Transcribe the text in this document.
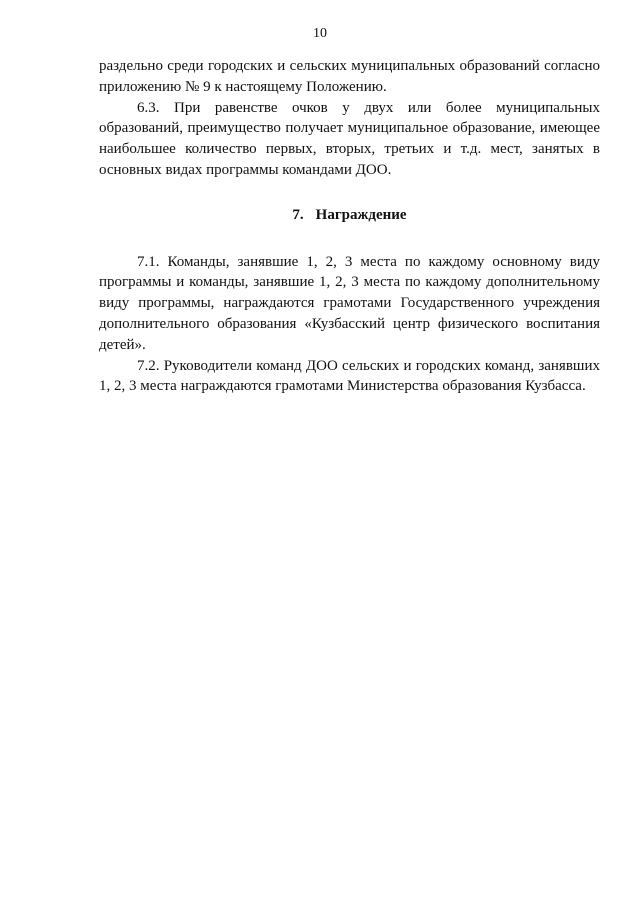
10

раздельно среди городских и сельских муниципальных образований согласно приложению № 9 к настоящему Положению.

6.3. При равенстве очков у двух или более муниципальных образований, преимущество получает муниципальное образование, имеющее наибольшее количество первых, вторых, третьих и т.д. мест, занятых в основных видах программы командами ДОО.

7. Награждение

7.1. Команды, занявшие 1, 2, 3 места по каждому основному виду программы и команды, занявшие 1, 2, 3 места по каждому дополнительному виду программы, награждаются грамотами Государственного учреждения дополнительного образования «Кузбасский центр физического воспитания детей».

7.2. Руководители команд ДОО сельских и городских команд, занявших 1, 2, 3 места награждаются грамотами Министерства образования Кузбасса.
